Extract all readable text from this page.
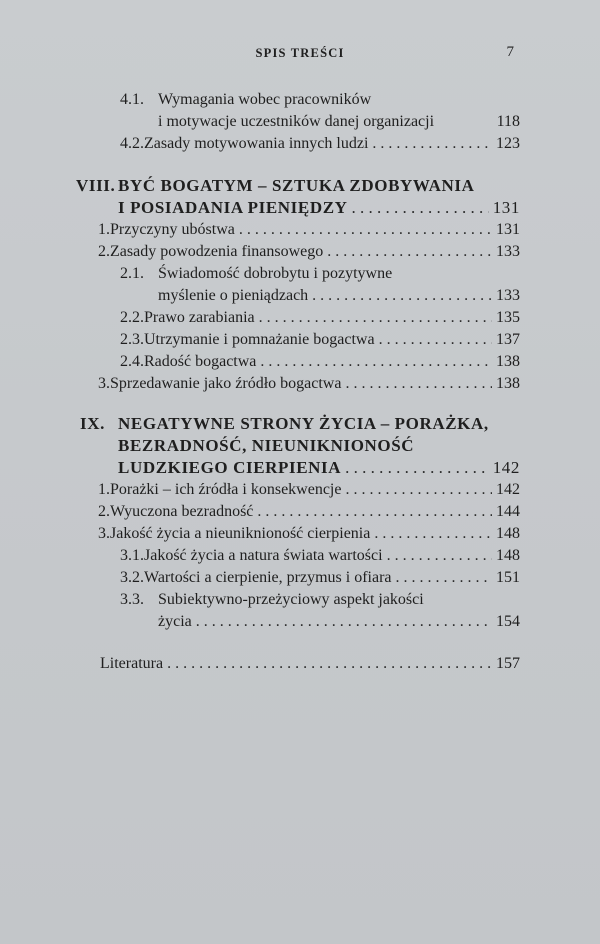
SPIS TREŚCI	7
4.1. Wymagania wobec pracowników
i motywacje uczestników danej organizacji	118
4.2. Zasady motywowania innych ludzi . . .	123
VIII. BYĆ BOGATYM – SZTUKA ZDOBYWANIA
I POSIADANIA PIENIĘDZY . . .	131
1. Przyczyny ubóstwa . . .	131
2. Zasady powodzenia finansowego . . .	133
2.1. Świadomość dobrobytu i pozytywne
myślenie o pieniądzach . . .	133
2.2. Prawo zarabiania . . .	135
2.3. Utrzymanie i pomnażanie bogactwa . . .	137
2.4. Radość bogactwa . . .	138
3. Sprzedawanie jako źródło bogactwa . . .	138
IX. NEGATYWNE STRONY ŻYCIA – PORAŻKA,
BEZRADNOŚĆ, NIEUNIKNIONOŚĆ
LUDZKIEGO CIERPIENIA . . .	142
1. Porażki – ich źródła i konsekwencje . . .	142
2. Wyuczona bezradność . . .	144
3. Jakość życia a nieuniknioność cierpienia . . .	148
3.1. Jakość życia a natura świata wartości . . .	148
3.2. Wartości a cierpienie, przymus i ofiara . . .	151
3.3. Subiektywno-przeżyciowy aspekt jakości
życia . . .	154
Literatura . . .	157
